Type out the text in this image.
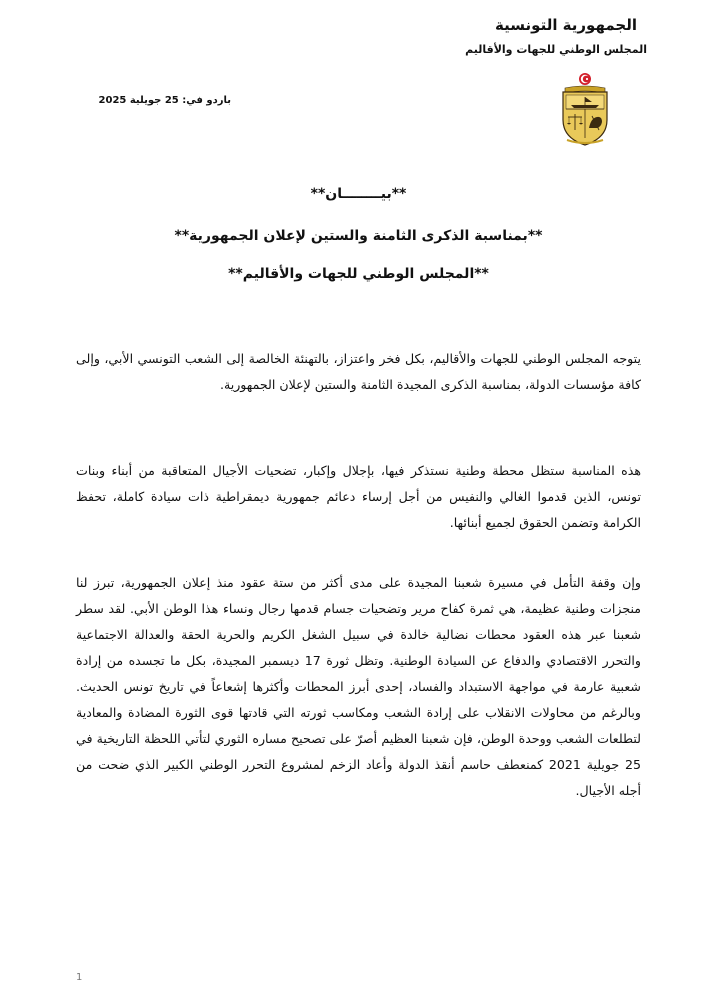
الجمهورية التونسية

المجلس الوطني للجهات والأقاليم

باردو في: 25 جويلية 2025
**بيــــــــان**
**بمناسبة الذكرى الثامنة والستين لإعلان الجمهورية**
**المجلس الوطني للجهات والأقاليم**
يتوجه المجلس الوطني للجهات والأقاليم، بكل فخر واعتزاز، بالتهنئة الخالصة إلى الشعب التونسي الأبي، وإلى كافة مؤسسات الدولة، بمناسبة الذكرى المجيدة الثامنة والستين لإعلان الجمهورية.
هذه المناسبة ستظل محطة وطنية نستذكر فيها، بإجلال وإكبار، تضحيات الأجيال المتعاقبة من أبناء وبنات تونس، الذين قدموا الغالي والنفيس من أجل إرساء دعائم جمهورية ديمقراطية ذات سيادة كاملة، تحفظ الكرامة وتضمن الحقوق لجميع أبنائها.
وإن وقفة التأمل في مسيرة شعبنا المجيدة على مدى أكثر من ستة عقود منذ إعلان الجمهورية، تبرز لنا منجزات وطنية عظيمة، هي ثمرة كفاح مرير وتضحيات جسام قدمها رجال ونساء هذا الوطن الأبي. لقد سطر شعبنا عبر هذه العقود محطات نضالية خالدة في سبيل الشغل الكريم والحرية الحقة والعدالة الاجتماعية والتحرر الاقتصادي والدفاع عن السيادة الوطنية. وتظل ثورة 17 ديسمبر المجيدة، بكل ما تجسده من إرادة شعبية عارمة في مواجهة الاستبداد والفساد، إحدى أبرز المحطات وأكثرها إشعاعاً في تاريخ تونس الحديث. وبالرغم من محاولات الانقلاب على إرادة الشعب ومكاسب ثورته التي قادتها قوى الثورة المضادة والمعادية لتطلعات الشعب ووحدة الوطن، فإن شعبنا العظيم أصرّ على تصحيح مساره الثوري لتأتي اللحظة التاريخية في 25 جويلية 2021 كمنعطف حاسم أنقذ الدولة وأعاد الزخم لمشروع التحرر الوطني الكبير الذي ضحت من أجله الأجيال.
1
